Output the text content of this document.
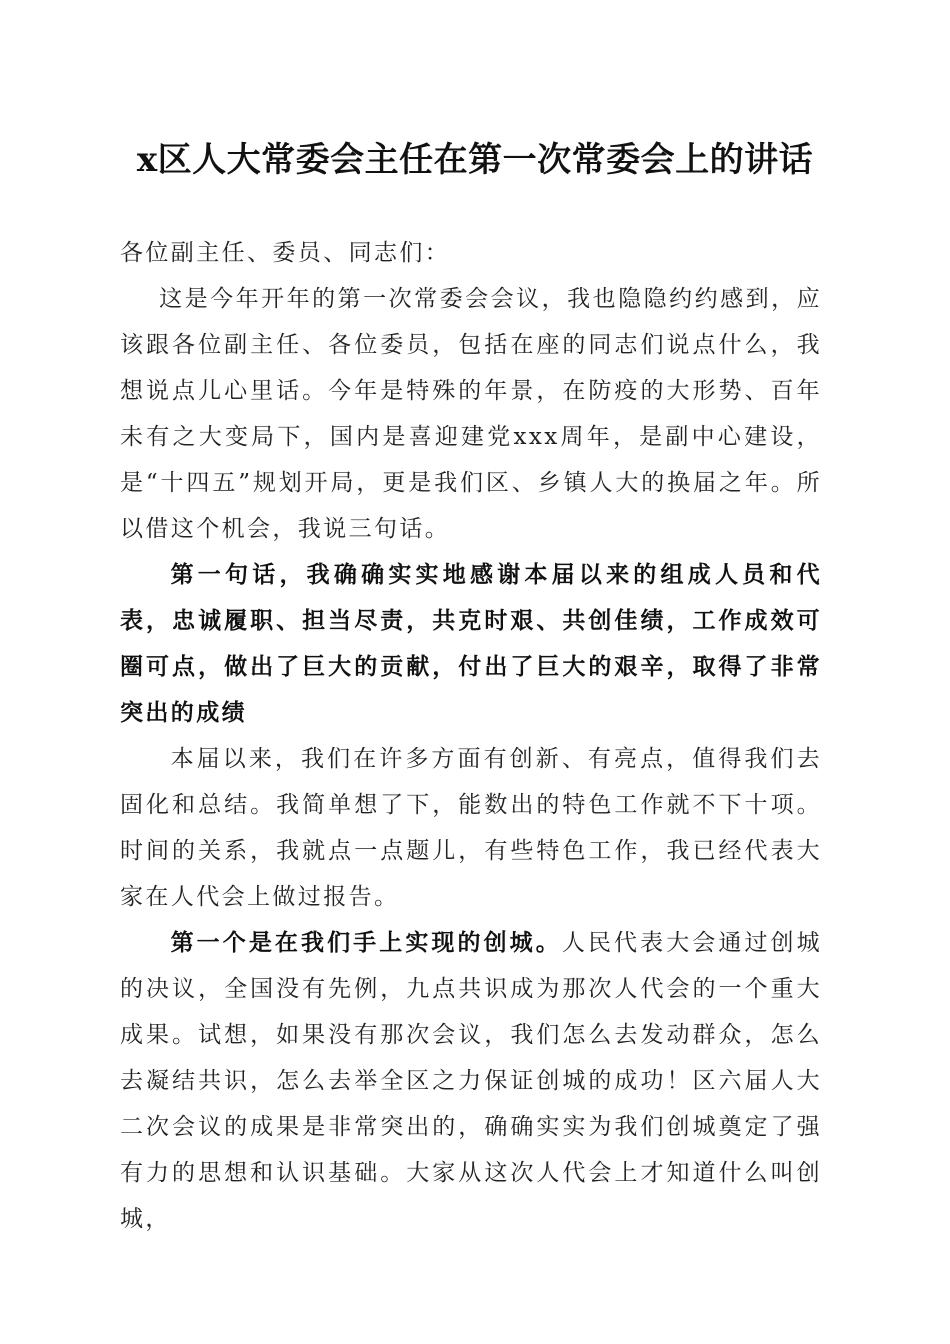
x区人大常委会主任在第一次常委会上的讲话

各位副主任、委员、同志们：

这是今年开年的第一次常委会会议，我也隐隐约约感到，应该跟各位副主任、各位委员，包括在座的同志们说点什么，我想说点儿心里话。今年是特殊的年景，在防疫的大形势、百年未有之大变局下，国内是喜迎建党xxx周年，是副中心建设，是“十四五”规划开局，更是我们区、乡镇人大的换届之年。所以借这个机会，我说三句话。

第一句话，我确确实实地感谢本届以来的组成人员和代表，忠诚履职、担当尽责，共克时艰、共创佳绩，工作成效可圈可点，做出了巨大的贡献，付出了巨大的艰辛，取得了非常突出的成绩

本届以来，我们在许多方面有创新、有亮点，值得我们去固化和总结。我简单想了下，能数出的特色工作就不下十项。时间的关系，我就点一点题儿，有些特色工作，我已经代表大家在人代会上做过报告。

第一个是在我们手上实现的创城。人民代表大会通过创城的决议，全国没有先例，九点共识成为那次人代会的一个重大成果。试想，如果没有那次会议，我们怎么去发动群众，怎么去凝结共识，怎么去举全区之力保证创城的成功！区六届人大二次会议的成果是非常突出的，确确实实为我们创城奠定了强有力的思想和认识基础。大家从这次人代会上才知道什么叫创城，
